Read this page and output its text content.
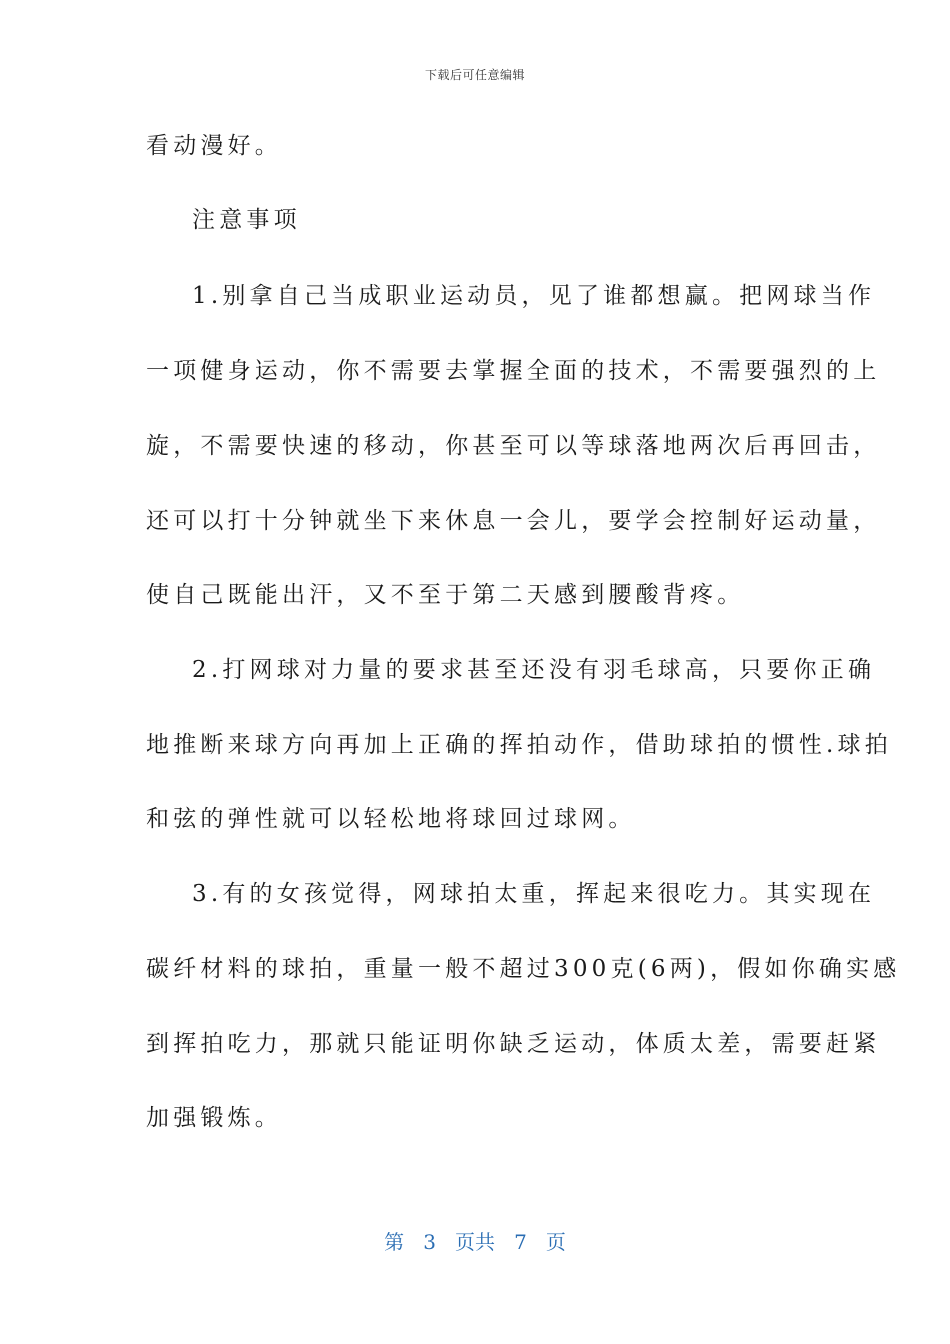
下载后可任意编辑
看动漫好。
注意事项
1.别拿自己当成职业运动员，见了谁都想赢。把网球当作
一项健身运动，你不需要去掌握全面的技术，不需要强烈的上
旋，不需要快速的移动，你甚至可以等球落地两次后再回击，
还可以打十分钟就坐下来休息一会儿，要学会控制好运动量，
使自己既能出汗，又不至于第二天感到腰酸背疼。
2.打网球对力量的要求甚至还没有羽毛球高，只要你正确
地推断来球方向再加上正确的挥拍动作，借助球拍的惯性.球拍
和弦的弹性就可以轻松地将球回过球网。
3.有的女孩觉得，网球拍太重，挥起来很吃力。其实现在
碳纤材料的球拍，重量一般不超过300克(6两)，假如你确实感
到挥拍吃力，那就只能证明你缺乏运动，体质太差，需要赶紧
加强锻炼。
第 3 页共 7 页
